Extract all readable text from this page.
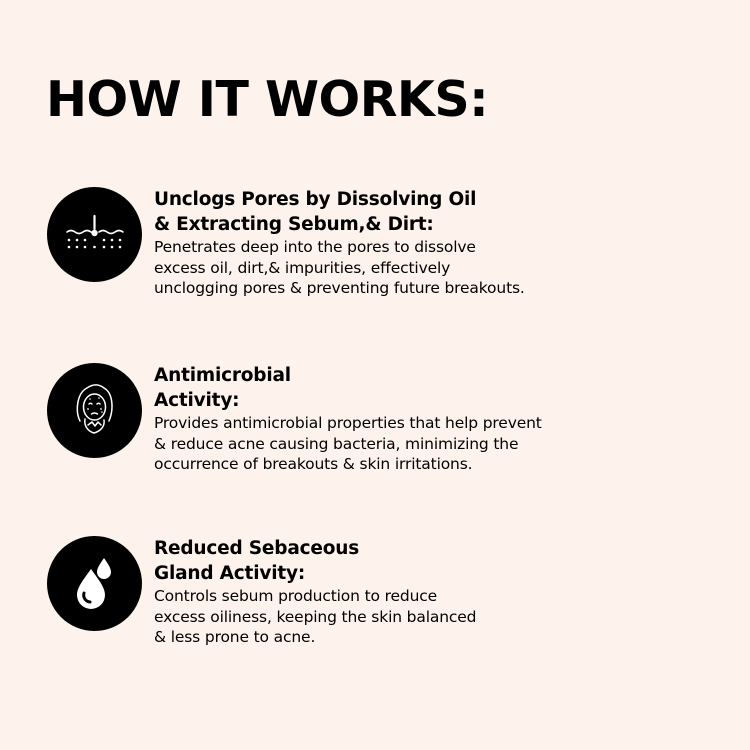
HOW IT WORKS:
Unclogs Pores by Dissolving Oil
& Extracting Sebum,& Dirt:

Penetrates deep into the pores to dissolve
excess oil, dirt,& impurities, effectively
unclogging pores & preventing future breakouts.

Antimicrobial
Activity:

Provides antimicrobial properties that help prevent
& reduce acne causing bacteria, minimizing the
occurrence of breakouts & skin irritations.

Reduced Sebaceous
Gland Activity:

Controls sebum production to reduce
excess oiliness, keeping the skin balanced
& less prone to acne.
